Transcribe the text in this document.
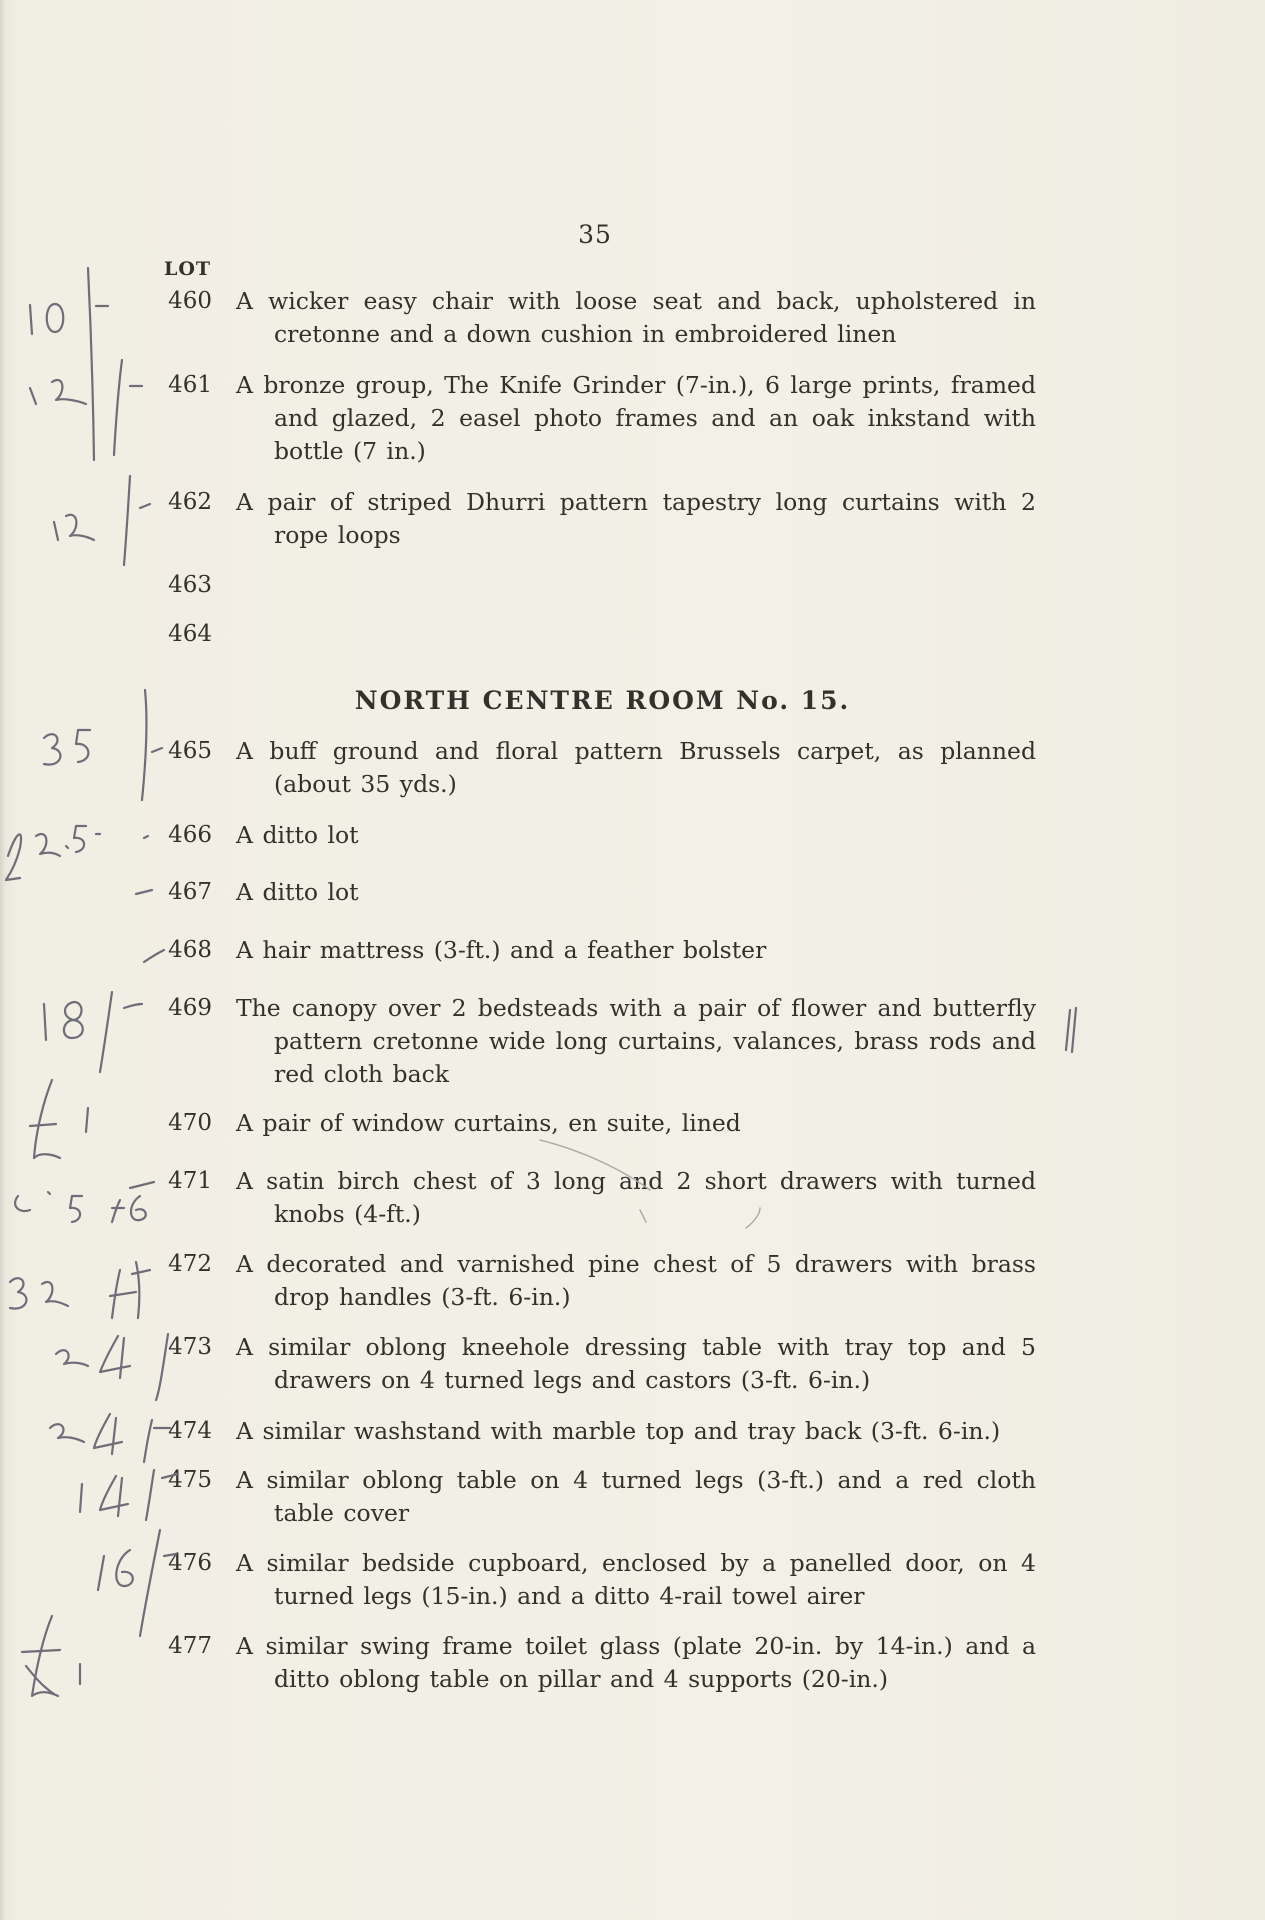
35
LOT
460 A wicker easy chair with loose seat and back, upholstered in cretonne and a down cushion in embroidered linen
461 A bronze group, The Knife Grinder (7-in.), 6 large prints, framed and glazed, 2 easel photo frames and an oak inkstand with bottle (7 in.)
462 A pair of striped Dhurri pattern tapestry long curtains with 2 rope loops
463
464
NORTH CENTRE ROOM No. 15.
465 A buff ground and floral pattern Brussels carpet, as planned (about 35 yds.)
466 A ditto lot
467 A ditto lot
468 A hair mattress (3-ft.) and a feather bolster
469 The canopy over 2 bedsteads with a pair of flower and butterfly pattern cretonne wide long curtains, valances, brass rods and red cloth back
470 A pair of window curtains, en suite, lined
471 A satin birch chest of 3 long and 2 short drawers with turned knobs (4-ft.)
472 A decorated and varnished pine chest of 5 drawers with brass drop handles (3-ft. 6-in.)
473 A similar oblong kneehole dressing table with tray top and 5 drawers on 4 turned legs and castors (3-ft. 6-in.)
474 A similar washstand with marble top and tray back (3-ft. 6-in.)
475 A similar oblong table on 4 turned legs (3-ft.) and a red cloth table cover
476 A similar bedside cupboard, enclosed by a panelled door, on 4 turned legs (15-in.) and a ditto 4-rail towel airer
477 A similar swing frame toilet glass (plate 20-in. by 14-in.) and a ditto oblong table on pillar and 4 supports (20-in.)
